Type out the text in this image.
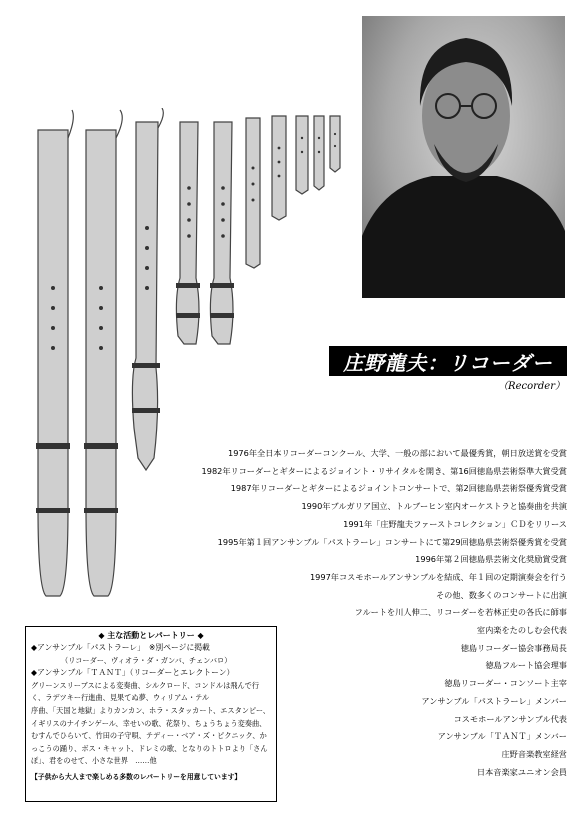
庄野龍夫：リコーダー
（Recorder）
1976年全日本リコーダーコンクール、大学、一般の部において最優秀賞，朝日放送賞を受賞
1982年リコーダーとギターによるジョイント・リサイタルを開き、第16回徳島県芸術祭準大賞受賞
1987年リコーダーとギターによるジョイントコンサートで、第2回徳島県芸術祭優秀賞受賞
1990年ブルガリア国立、トルブーヒン室内オーケストラと協奏曲を共演
1991年「庄野龍夫ファーストコレクション」ＣＤをリリース
1995年第１回アンサンブル「パストラーレ」コンサートにて第29回徳島県芸術祭優秀賞を受賞
1996年第２回徳島県芸術文化奨励賞受賞
1997年コスモホールアンサンブルを結成、年１回の定期演奏会を行う
その他、数多くのコンサートに出演
フルートを川人伸二、リコーダーを若林正史の各氏に師事
室内楽をたのしむ会代表
徳島リコーダー協会事務局長
徳島フルート協会理事
徳島リコーダー・コンソート主宰
アンサンブル「パストラーレ」メンバー
コスモホールアンサンブル代表
アンサンブル「ＴＡＮＴ」メンバー
庄野音楽教室経営
日本音楽家ユニオン会員
◆ 主な活動とレパートリー ◆
◆アンサンブル「パストラーレ」　※別ページに掲載
（リコーダー、ヴィオラ・ダ・ガンバ、チェンバロ）
◆アンサンブル「ＴＡＮＴ」（リコーダーとエレクトーン）
グリーンスリーブスによる変奏曲、シルクロード、コンドルは飛んで行く、ラデツキー行進曲、見果てぬ夢、ウィリアム・テル
序曲、「天国と地獄」よりカンカン、ホラ・スタッカート、エスタンピー、イギリスのナイチンゲール、幸せいの歌、花祭り、ちょうちょう変奏曲、むすんでひらいて、竹田の子守唄、テディー・ベア・ズ・ピクニック、かっこうの踊り、ボス・キャット、ドレミの歌、となりのトトロより「さんぽ」、君をのせて、小さな世界　……他
【子供から大人まで楽しめる多数のレパートリーを用意しています】
